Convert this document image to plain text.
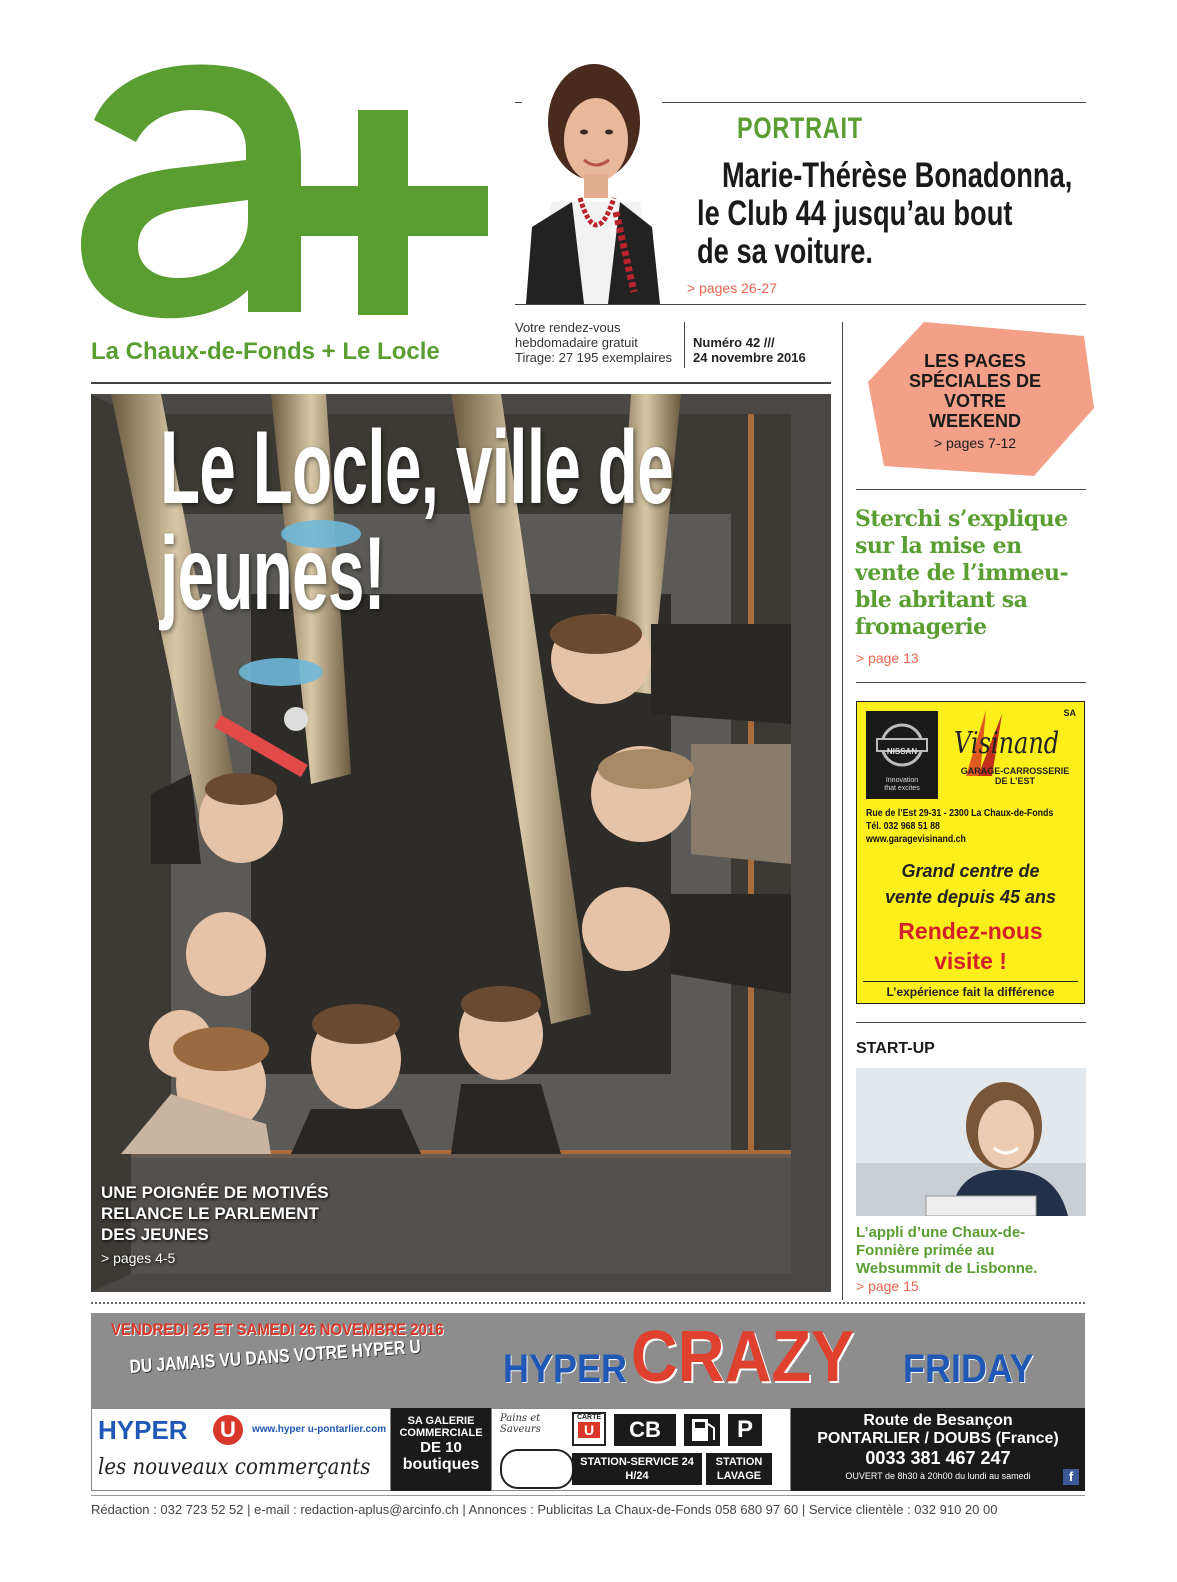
La Chaux-de-Fonds + Le Locle
Votre rendez-vous
hebdomadaire gratuit
Tirage: 27 195 exemplaires
Numéro 42 ///
24 novembre 2016
PORTRAIT
Marie-Thérèse Bonadonna,
le Club 44 jusqu’au bout
de sa voiture.
> pages 26-27
LES PAGES
SPÉCIALES DE
VOTRE
WEEKEND
> pages 7-12
Le Locle, ville de
jeunes!
UNE POIGNÉE DE MOTIVÉS
RELANCE LE PARLEMENT
DES JEUNES
> pages 4-5
Sterchi s’explique
sur la mise en
vente de l’immeu-
ble abritant sa
fromagerie
> page 13
NISSAN
Innovation
that excites
SA
Visinand
GARAGE-CARROSSERIE
DE L’EST
Rue de l’Est 29-31 - 2300 La Chaux-de-Fonds
Tél. 032 968 51 88
www.garagevisinand.ch
Grand centre de
vente depuis 45 ans
Rendez-nous
visite !
L’expérience fait la différence
START-UP
L’appli d’une Chaux-de-
Fonnière primée au
Websummit de Lisbonne.
> page 15
VENDREDI 25 ET SAMEDI 26 NOVEMBRE 2016
DU JAMAIS VU DANS VOTRE HYPER U HYPER CRAZY FRIDAY
HYPER	U	www.hyper u-pontarlier.com
les nouveaux commerçants
SA GALERIE
COMMERCIALE
DE 10
boutiques
Pains et Saveurs
CARTE
U	CB	P
STATION-SERVICE 24 H/24
STATION
LAVAGE
Route de Besançon
PONTARLIER / DOUBS (France)
0033 381 467 247
OUVERT de 8h30 à 20h00 du lundi au samedi	f
Rédaction : 032 723 52 52 | e-mail : redaction-aplus@arcinfo.ch | Annonces : Publicitas La Chaux-de-Fonds 058 680 97 60 | Service clientèle : 032 910 20 00
